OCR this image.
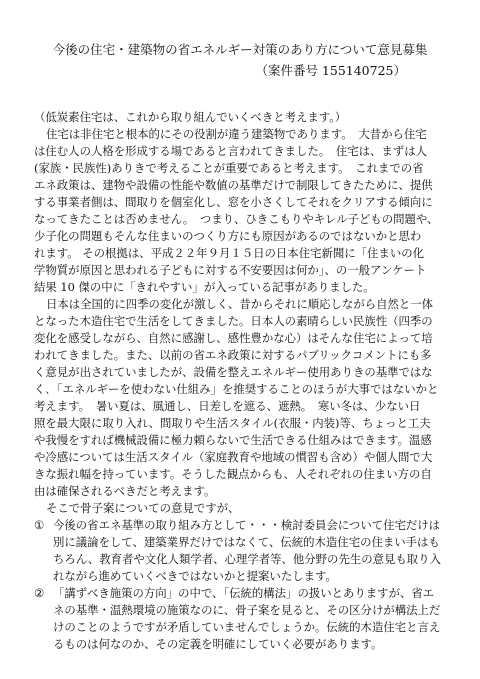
今後の住宅・建築物の省エネルギー対策のあり方について意見募集
（案件番号 155140725）
（低炭素住宅は、これから取り組んでいくべきと考えます。）
住宅は非住宅と根本的にその役割が違う建築物であります。　大昔から住宅
は住む人の人格を形成する場であると言われてきました。　住宅は、まずは人
(家族・民族性)ありきで考えることが重要であると考えます。　これまでの省
エネ政策は、建物や設備の性能や数値の基準だけで制限してきたために、提供
する事業者側は、間取りを個室化し、窓を小さくしてそれをクリアする傾向に
なってきたことは否めません。　つまり、ひきこもりやキレル子どもの問題や、
少子化の問題もそんな住まいのつくり方にも原因があるのではないかと思わ
れます。 その根拠は、平成２２年９月１５日の日本住宅新聞に「住まいの化
学物質が原因と思われる子どもに対する不安要因は何か」、の一般アンケート
結果 10 傑の中に「きれやすい」が入っている記事がありました。
日本は全国的に四季の変化が激しく、昔からそれに順応しながら自然と一体
となった木造住宅で生活をしてきました。日本人の素晴らしい民族性（四季の
変化を感受しながら、自然に感謝し、感性豊かな心）はそんな住宅によって培
われてきました。また、以前の省エネ政策に対するパブリックコメントにも多
く意見が出されていましたが、設備を整えエネルギー使用ありきの基準ではな
く､「エネルギーを使わない仕組み」を推奨することのほうが大事ではないかと
考えます。　暑い夏は、風通し、日差しを遮る、遮熱。　寒い冬は、少ない日
照を最大限に取り入れ、間取りや生活スタイル(衣服・内装)等、ちょっと工夫
や我慢をすれば機械設備に極力頼らないで生活できる仕組みはできます。温感
や冷感については生活スタイル（家庭教育や地域の慣習も含め）や個人間で大
きな振れ幅を持っています。そうした観点からも、人それぞれの住まい方の自
由は確保されるべきだと考えます。
そこで骨子案についての意見ですが、
① 今後の省エネ基準の取り組み方として・・・検討委員会について住宅だけは
別に議論をして、建築業界だけではなくて、伝統的木造住宅の住まい手はも
ちろん、教育者や文化人類学者、心理学者等、他分野の先生の意見も取り入
れながら進めていくべきではないかと提案いたします。
② 「講ずべき施策の方向」の中で、「伝統的構法」の扱いとありますが、省エ
ネの基準・温熱環境の施策なのに、骨子案を見ると、その区分けが構法上だ
けのことのようですが矛盾していませんでしょうか。伝統的木造住宅と言え
るものは何なのか、その定義を明確にしていく必要があります。
